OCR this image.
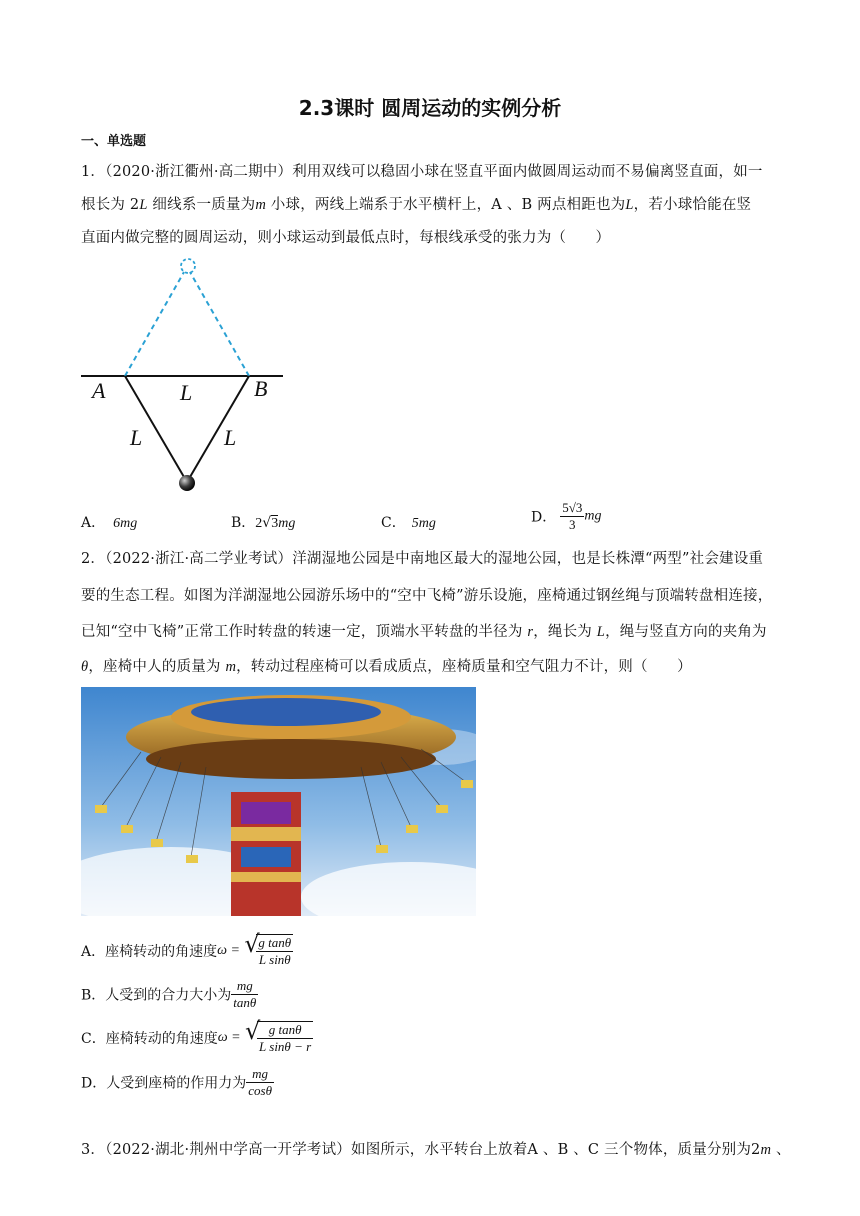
2.3课时 圆周运动的实例分析
一、单选题
1．（2020·浙江衢州·高二期中）利用双线可以稳固小球在竖直平面内做圆周运动而不易偏离竖直面，如一
根长为 2L 细线系一质量为m 小球，两线上端系于水平横杆上，A 、B 两点相距也为L，若小球恰能在竖
直面内做完整的圆周运动，则小球运动到最低点时，每根线承受的张力为（　　）
A	B
L
L	L
A． 6mg	B．2√3mg	C． 5mg	D． $\frac{5√3}{3}$ mg
2．（2022·浙江·高二学业考试）洋湖湿地公园是中南地区最大的湿地公园，也是长株潭“两型”社会建设重
要的生态工程。如图为洋湖湿地公园游乐场中的“空中飞椅”游乐设施，座椅通过钢丝绳与顶端转盘相连接，
已知“空中飞椅”正常工作时转盘的转速一定，顶端水平转盘的半径为 r，绳长为 L，绳与竖直方向的夹角为
θ，座椅中人的质量为 m，转动过程座椅可以看成质点，座椅质量和空气阻力不计，则（　　）
A．座椅转动的角速度ω = √
$\frac{\text{g tanθ}}{\text{L sinθ}}$
B．人受到的合力大小为 $\frac{mg}{\tan\theta}$
C．座椅转动的角速度ω = √
$\frac{\text{g tanθ}}{\text{L sinθ − r}}$
D．人受到座椅的作用力为 $\frac{mg}{\cos\theta}$
3．（2022·湖北·荆州中学高一开学考试）如图所示，水平转台上放着A 、B 、C 三个物体，质量分别为2m 、
